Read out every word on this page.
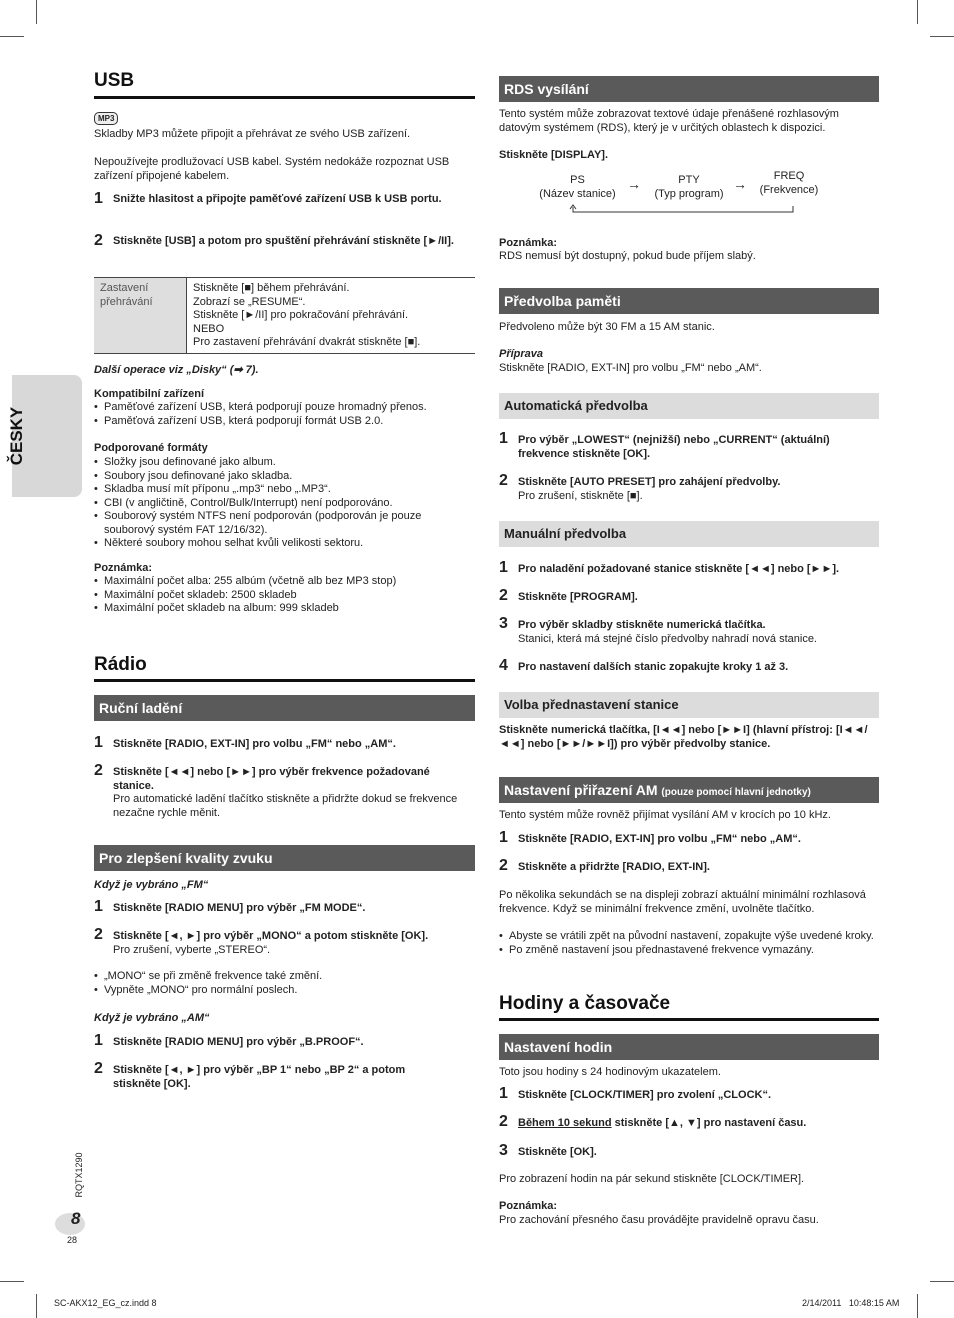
ČESKY
USB
MP3
Skladby MP3 můžete připojit a přehrávat ze svého USB zařízení.
Nepoužívejte prodlužovací USB kabel. Systém nedokáže rozpoznat USB zařízení připojené kabelem.
1 Snižte hlasitost a připojte paměťové zařízení USB k USB portu.
2 Stiskněte [USB] a potom pro spuštění přehrávání stiskněte [►/II].
Zastavení přehrávání
Stiskněte [■] během přehrávání.
Zobrazí se „RESUME“.
Stiskněte [►/II] pro pokračování přehrávání.
NEBO
Pro zastavení přehrávání dvakrát stiskněte [■].
Další operace viz „Disky“ (➡ 7).
Kompatibilní zařízení
• Paměťové zařízení USB, která podporují pouze hromadný přenos.
• Paměťová zařízení USB, která podporují formát USB 2.0.
Podporované formáty
• Složky jsou definované jako album.
• Soubory jsou definované jako skladba.
• Skladba musí mít příponu „.mp3“ nebo „.MP3“.
• CBI (v angličtině, Control/Bulk/Interrupt) není podporováno.
• Souborový systém NTFS není podporován (podporován je pouze souborový systém FAT 12/16/32).
• Některé soubory mohou selhat kvůli velikosti sektoru.
Poznámka:
• Maximální počet alba: 255 albúm (včetně alb bez MP3 stop)
• Maximální počet skladeb: 2500 skladeb
• Maximální počet skladeb na album: 999 skladeb
Rádio
Ruční ladění
1 Stiskněte [RADIO, EXT-IN] pro volbu „FM“ nebo „AM“.
2 Stiskněte [◄◄] nebo [►►] pro výběr frekvence požadované stanice.
Pro automatické ladění tlačítko stiskněte a přidržte dokud se frekvence nezačne rychle měnit.
Pro zlepšení kvality zvuku
Když je vybráno „FM“
1 Stiskněte [RADIO MENU] pro výběr „FM MODE“.
2 Stiskněte [◄, ►] pro výběr „MONO“ a potom stiskněte [OK].
Pro zrušení, vyberte „STEREO“.
• „MONO“ se při změně frekvence také změní.
• Vypněte „MONO“ pro normální poslech.
Když je vybráno „AM“
1 Stiskněte [RADIO MENU] pro výběr „B.PROOF“.
2 Stiskněte [◄, ►] pro výběr „BP 1“ nebo „BP 2“ a potom stiskněte [OK].
RQTX1290
8
28
SC-AKX12_EG_cz.indd 8	2/14/2011   10:48:15 AM
RDS vysílání
Tento systém může zobrazovat textové údaje přenášené rozhlasovým datovým systémem (RDS), který je v určitých oblastech k dispozici.
Stiskněte [DISPLAY].
PS
(Název stanice)
→	PTY
(Typ program)
→	FREQ
(Frekvence)
Poznámka:
RDS nemusí být dostupný, pokud bude příjem slabý.
Předvolba paměti
Předvoleno může být 30 FM a 15 AM stanic.
Příprava
Stiskněte [RADIO, EXT-IN] pro volbu „FM“ nebo „AM“.
Automatická předvolba
1 Pro výběr „LOWEST“ (nejnižší) nebo „CURRENT“ (aktuální) frekvence stiskněte [OK].
2 Stiskněte [AUTO PRESET] pro zahájení předvolby.
Pro zrušení, stiskněte [■].
Manuální předvolba
1 Pro naladění požadované stanice stiskněte [◄◄] nebo [►►].
2 Stiskněte [PROGRAM].
3 Pro výběr skladby stiskněte numerická tlačítka.
Stanici, která má stejné číslo předvolby nahradí nová stanice.
4 Pro nastavení dalších stanic zopakujte kroky 1 až 3.
Volba přednastavení stanice
Stiskněte numerická tlačítka, [I◄◄] nebo [►►I] (hlavní přístroj: [I◄◄/◄◄] nebo [►►/►►I]) pro výběr předvolby stanice.
Nastavení přiřazení AM (pouze pomocí hlavní jednotky)
Tento systém může rovněž přijímat vysílání AM v krocích po 10 kHz.
1 Stiskněte [RADIO, EXT-IN] pro volbu „FM“ nebo „AM“.
2 Stiskněte a přidržte [RADIO, EXT-IN].
Po několika sekundách se na displeji zobrazí aktuální minimální rozhlasová frekvence. Když se minimální frekvence změní, uvolněte tlačítko.
• Abyste se vrátili zpět na původní nastavení, zopakujte výše uvedené kroky.
• Po změně nastavení jsou přednastavené frekvence vymazány.
Hodiny a časovače
Nastavení hodin
Toto jsou hodiny s 24 hodinovým ukazatelem.
1 Stiskněte [CLOCK/TIMER] pro zvolení „CLOCK“.
2 Během 10 sekund stiskněte [▲, ▼] pro nastavení času.
3 Stiskněte [OK].
Pro zobrazení hodin na pár sekund stiskněte [CLOCK/TIMER].
Poznámka:
Pro zachování přesného času provádějte pravidelně opravu času.
